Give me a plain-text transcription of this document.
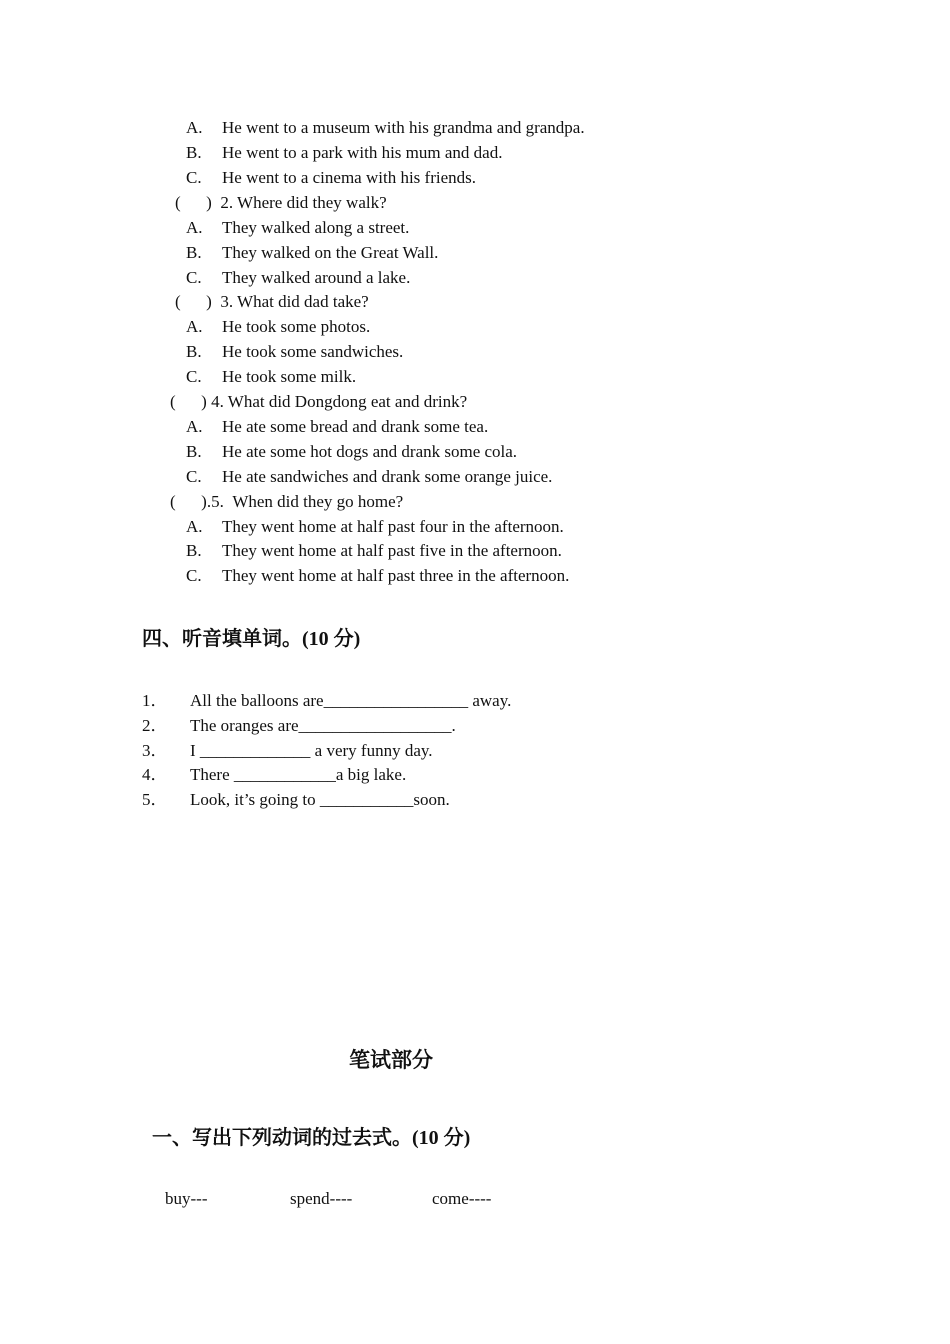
A. He went to a museum with his grandma and grandpa.
B. He went to a park with his mum and dad.
C. He went to a cinema with his friends.
(      )  2. Where did they walk?
A. They walked along a street.
B. They walked on the Great Wall.
C. They walked around a lake.
(      )  3. What did dad take?
A. He took some photos.
B. He took some sandwiches.
C. He took some milk.
(      ) 4. What did Dongdong eat and drink?
A. He ate some bread and drank some tea.
B. He ate some hot dogs and drank some cola.
C. He ate sandwiches and drank some orange juice.
(      ).5.  When did they go home?
A. They went home at half past four in the afternoon.
B. They went home at half past five in the afternoon.
C. They went home at half past three in the afternoon.
四、听音填单词。(10 分)
1． All the balloons are_________________ away.
2． The oranges are__________________.
3． I _____________ a very funny day.
4． There ____________a big lake.
5． Look, it’s going to ___________soon.
笔试部分
一、写出下列动词的过去式。(10 分)
buy---	spend----	come----
